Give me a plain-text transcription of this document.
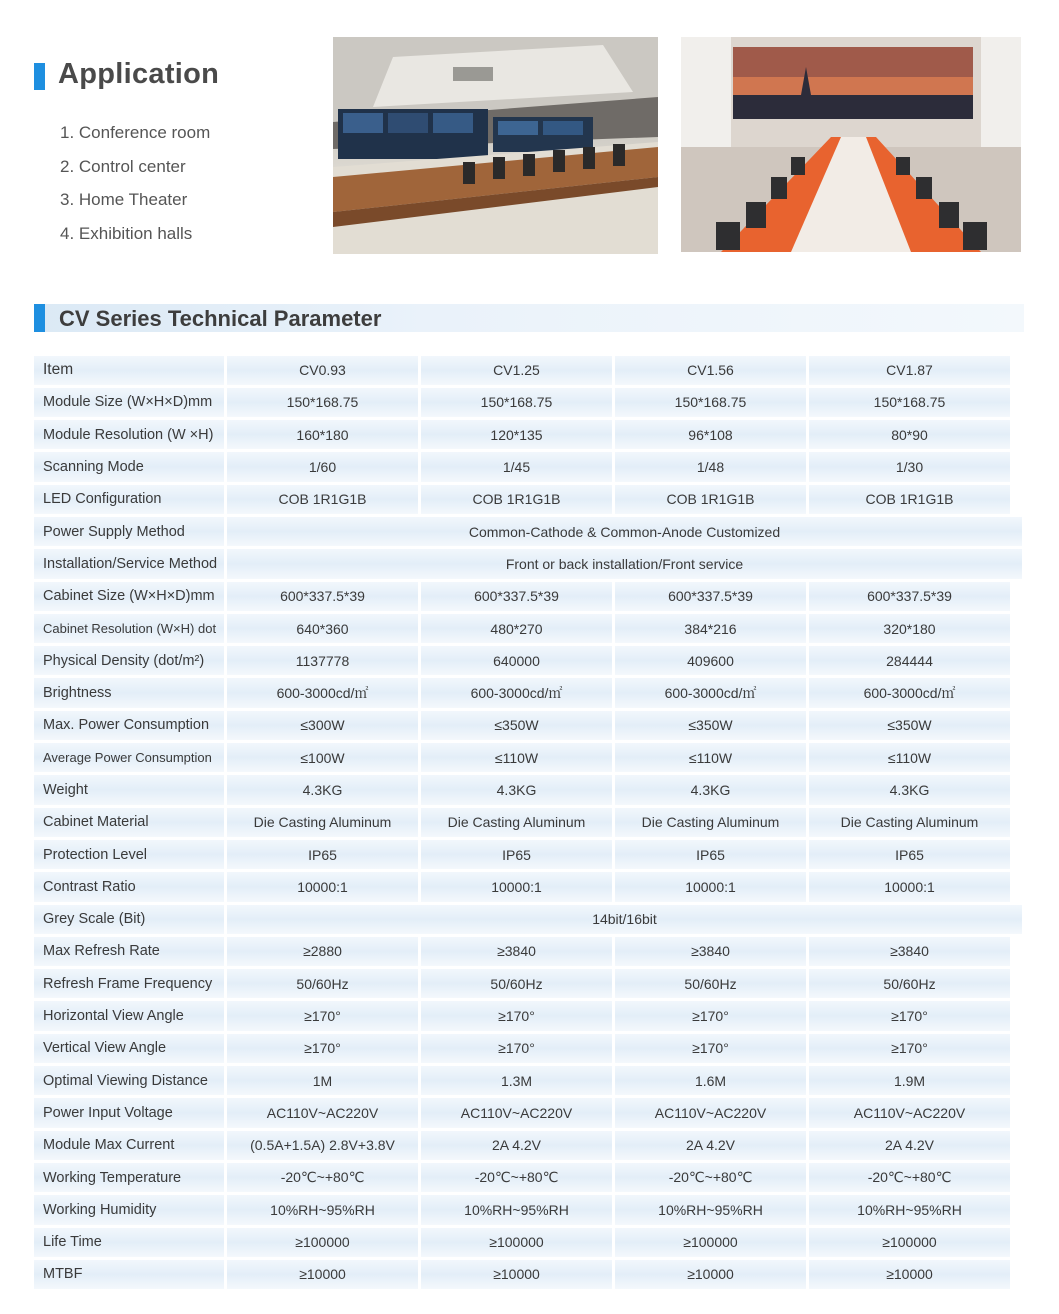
Application
1. Conference room
2. Control center
3. Home Theater
4. Exhibition halls
CV Series Technical Parameter
Item	CV0.93	CV1.25	CV1.56	CV1.87
Module Size (W×H×D)mm	150*168.75	150*168.75	150*168.75	150*168.75
Module Resolution (W ×H)	160*180	120*135	96*108	80*90
Scanning Mode	1/60	1/45	1/48	1/30
LED Configuration	COB 1R1G1B	COB 1R1G1B	COB 1R1G1B	COB 1R1G1B
Power Supply Method	Common-Cathode & Common-Anode Customized
Installation/Service Method	Front or back installation/Front service
Cabinet Size (W×H×D)mm	600*337.5*39	600*337.5*39	600*337.5*39	600*337.5*39
Cabinet Resolution (W×H) dot	640*360	480*270	384*216	320*180
Physical Density (dot/m²)	1137778	640000	409600	284444
Brightness	600-3000cd/㎡	600-3000cd/㎡	600-3000cd/㎡	600-3000cd/㎡
Max. Power Consumption	≤300W	≤350W	≤350W	≤350W
Average Power Consumption	≤100W	≤110W	≤110W	≤110W
Weight	4.3KG	4.3KG	4.3KG	4.3KG
Cabinet Material	Die Casting Aluminum	Die Casting Aluminum	Die Casting Aluminum	Die Casting Aluminum
Protection Level	IP65	IP65	IP65	IP65
Contrast Ratio	10000:1	10000:1	10000:1	10000:1
Grey Scale (Bit)	14bit/16bit
Max Refresh Rate	≥2880	≥3840	≥3840	≥3840
Refresh Frame Frequency	50/60Hz	50/60Hz	50/60Hz	50/60Hz
Horizontal View Angle	≥170°	≥170°	≥170°	≥170°
Vertical View Angle	≥170°	≥170°	≥170°	≥170°
Optimal Viewing Distance	1M	1.3M	1.6M	1.9M
Power Input Voltage	AC110V~AC220V	AC110V~AC220V	AC110V~AC220V	AC110V~AC220V
Module Max Current	(0.5A+1.5A) 2.8V+3.8V	2A 4.2V	2A 4.2V	2A 4.2V
Working Temperature	-20℃~+80℃	-20℃~+80℃	-20℃~+80℃	-20℃~+80℃
Working Humidity	10%RH~95%RH	10%RH~95%RH	10%RH~95%RH	10%RH~95%RH
Life Time	≥100000	≥100000	≥100000	≥100000
MTBF	≥10000	≥10000	≥10000	≥10000
